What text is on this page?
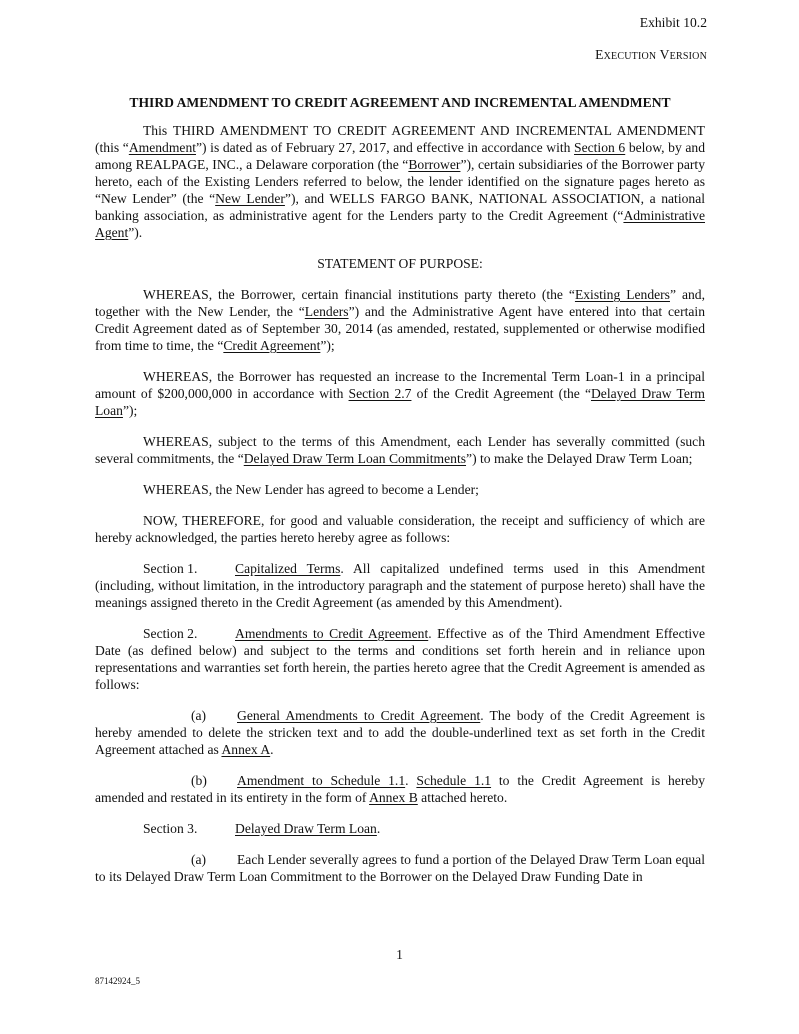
Exhibit 10.2
Execution Version
THIRD AMENDMENT TO CREDIT AGREEMENT AND INCREMENTAL AMENDMENT

This THIRD AMENDMENT TO CREDIT AGREEMENT AND INCREMENTAL AMENDMENT (this “Amendment”) is dated as of February 27, 2017, and effective in accordance with Section 6 below, by and among REALPAGE, INC., a Delaware corporation (the “Borrower”), certain subsidiaries of the Borrower party hereto, each of the Existing Lenders referred to below, the lender identified on the signature pages hereto as “New Lender” (the “New Lender”), and WELLS FARGO BANK, NATIONAL ASSOCIATION, a national banking association, as administrative agent for the Lenders party to the Credit Agreement (“Administrative Agent”).

STATEMENT OF PURPOSE:

WHEREAS, the Borrower, certain financial institutions party thereto (the “Existing Lenders” and, together with the New Lender, the “Lenders”) and the Administrative Agent have entered into that certain Credit Agreement dated as of September 30, 2014 (as amended, restated, supplemented or otherwise modified from time to time, the “Credit Agreement”);

WHEREAS, the Borrower has requested an increase to the Incremental Term Loan-1 in a principal amount of $200,000,000 in accordance with Section 2.7 of the Credit Agreement (the “Delayed Draw Term Loan”);

WHEREAS, subject to the terms of this Amendment, each Lender has severally committed (such several commitments, the “Delayed Draw Term Loan Commitments”) to make the Delayed Draw Term Loan;

WHEREAS, the New Lender has agreed to become a Lender;

NOW, THEREFORE, for good and valuable consideration, the receipt and sufficiency of which are hereby acknowledged, the parties hereto hereby agree as follows:

Section 1.	Capitalized Terms. All capitalized undefined terms used in this Amendment (including, without limitation, in the introductory paragraph and the statement of purpose hereto) shall have the meanings assigned thereto in the Credit Agreement (as amended by this Amendment).

Section 2.	Amendments to Credit Agreement. Effective as of the Third Amendment Effective Date (as defined below) and subject to the terms and conditions set forth herein and in reliance upon representations and warranties set forth herein, the parties hereto agree that the Credit Agreement is amended as follows:

(a) General Amendments to Credit Agreement. The body of the Credit Agreement is hereby amended to delete the stricken text and to add the double-underlined text as set forth in the Credit Agreement attached as Annex A.

(b) Amendment to Schedule 1.1. Schedule 1.1 to the Credit Agreement is hereby amended and restated in its entirety in the form of Annex B attached hereto.

Section 3.	Delayed Draw Term Loan.

(a) Each Lender severally agrees to fund a portion of the Delayed Draw Term Loan equal to its Delayed Draw Term Loan Commitment to the Borrower on the Delayed Draw Funding Date in

1
87142924_5
